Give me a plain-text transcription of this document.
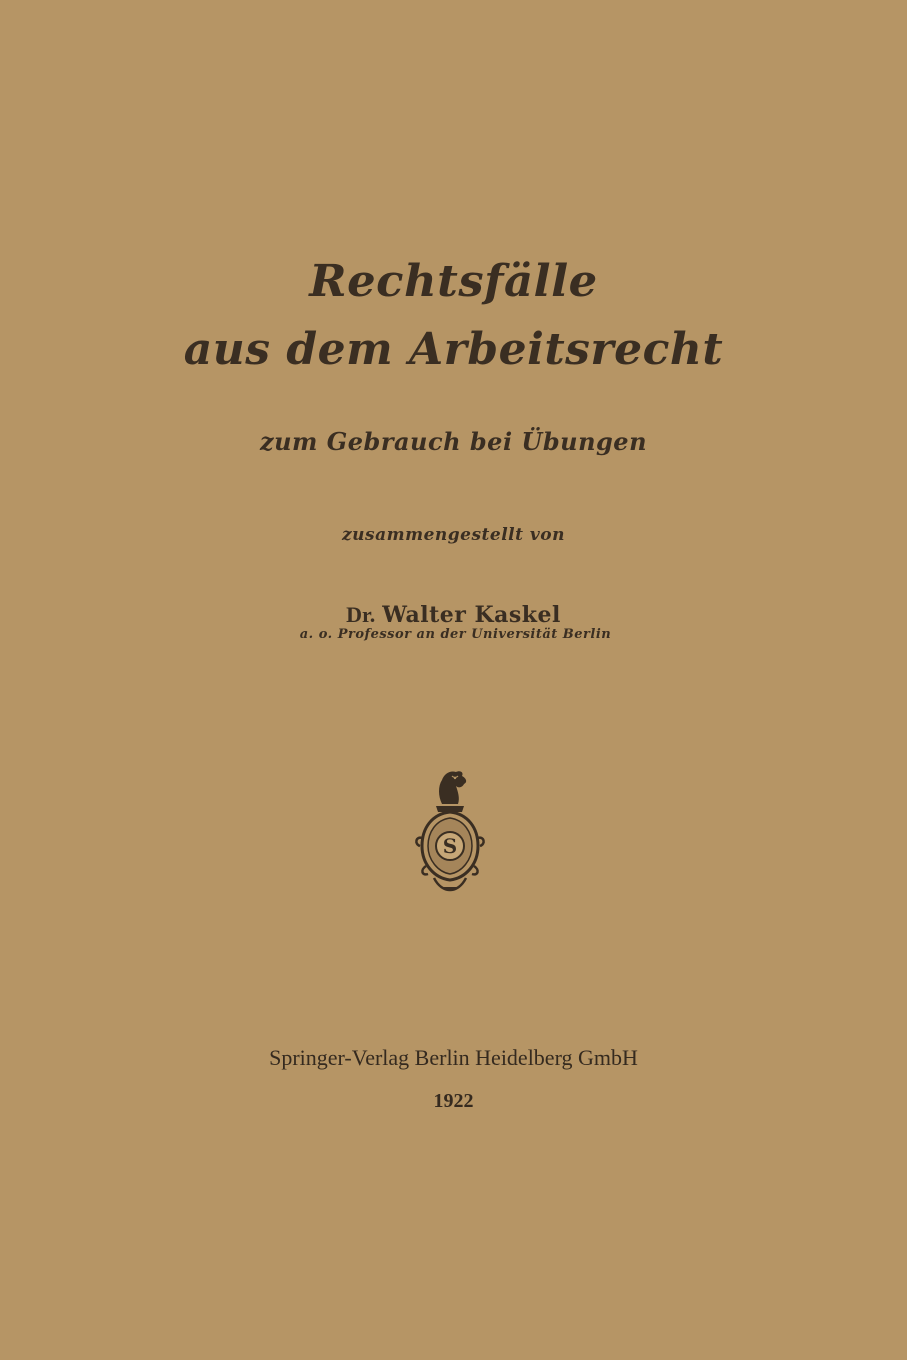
Rechtsfälle
aus dem Arbeitsrecht
zum Gebrauch bei Übungen
zusammengestellt von
Dr. Walter Kaskel
a. o. Professor an der Universität Berlin
S
Springer-Verlag Berlin Heidelberg GmbH
1922
